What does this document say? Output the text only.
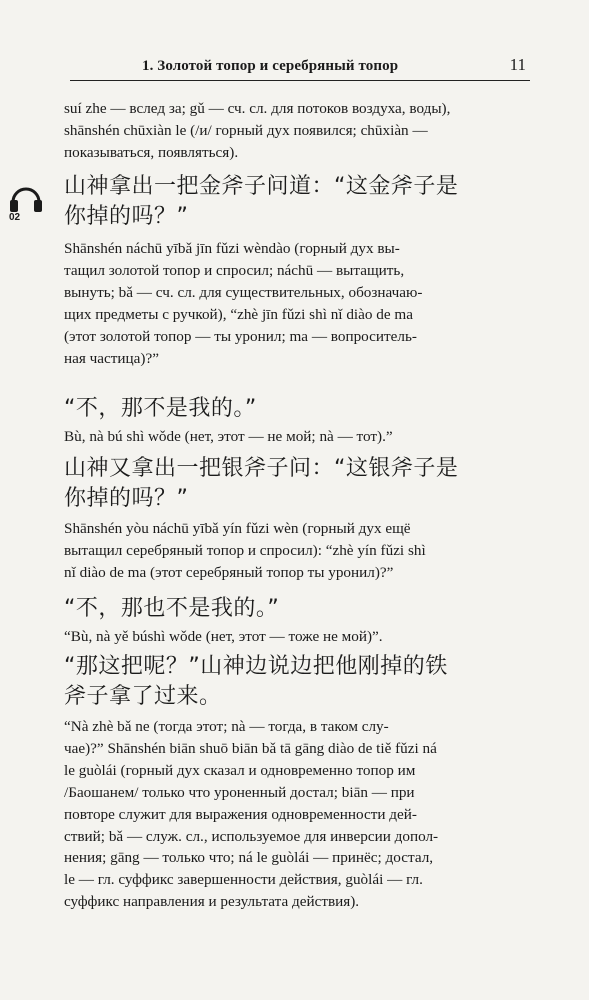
1. Золотой топор и серебряный топор	11
02
suí zhe — вслед за; gǔ — сч. сл. для потоков воздуха, воды),
shānshén chūxiàn le (/и/ горный дух появился; chūxiàn —
показываться, появляться).
山神拿出一把金斧子问道：“这金斧子是
你掉的吗？”
Shānshén náchū yībǎ jīn fǔzi wèndào (горный дух вы-
тащил золотой топор и спросил; náchū — вытащить,
вынуть; bǎ — сч. сл. для существительных, обозначаю-
щих предметы с ручкой), “zhè jīn fǔzi shì nǐ diào de ma
(этот золотой топор — ты уронил; ma — вопроситель-
ная частица)?”
“不，那不是我的。”
Bù, nà bú shì wǒde (нет, этот — не мой; nà — тот).”
山神又拿出一把银斧子问：“这银斧子是
你掉的吗？”
Shānshén yòu náchū yībǎ yín fǔzi wèn (горный дух ещё
вытащил серебряный топор и спросил): “zhè yín fǔzi shì
nǐ diào de ma (этот серебряный топор ты уронил)?”
“不，那也不是我的。”
“Bù, nà yě búshì wǒde (нет, этот — тоже не мой)”.
“那这把呢？”山神边说边把他刚掉的铁
斧子拿了过来。
“Nà zhè bǎ ne (тогда этот; nà — тогда, в таком слу-
чае)?” Shānshén biān shuō biān bǎ tā gāng diào de tiě fǔzi ná
le guòlái (горный дух сказал и одновременно топор им
/Баошанем/ только что уроненный достал; biān — при
повторе служит для выражения одновременности дей-
ствий; bǎ — служ. сл., используемое для инверсии допол-
нения; gāng — только что; ná le guòlái — принёс; достал,
le — гл. суффикс завершенности действия, guòlái — гл.
суффикс направления и результата действия).
